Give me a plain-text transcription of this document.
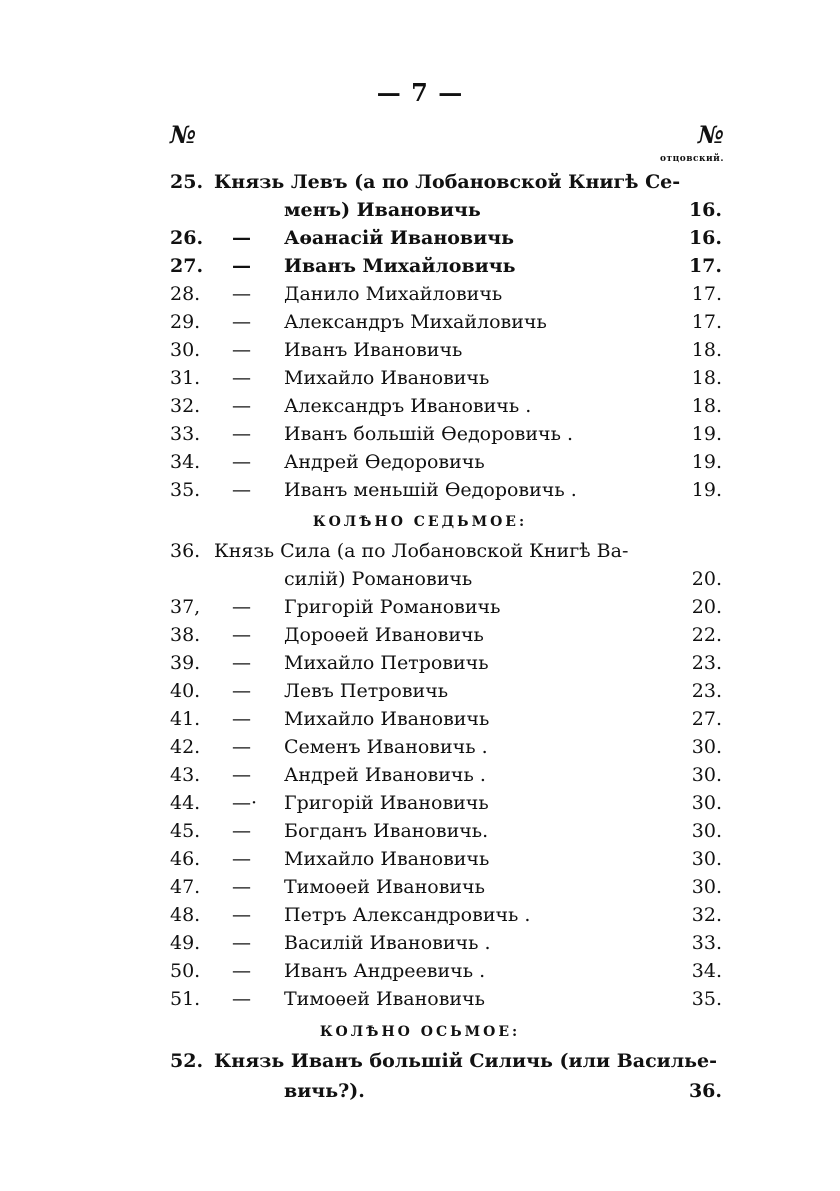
— 7 —
№	№
отцовский.
25. Князь Левъ (а по Лобановской Книгѣ Се-
менъ) Ивановичь	16.
26.	— Аѳанасій Ивановичь	16.
27.	— Иванъ Михайловичь	17.
28.	— Данило Михайловичь	17.
29.	— Александръ Михайловичь	17.
30.	— Иванъ Ивановичь	18.
31.	— Михайло Ивановичь	18.
32.	— Александръ Ивановичь .	18.
33.	— Иванъ большій Ѳедоровичь .	19.
34.	— Андрей Ѳедоровичь	19.
35.	— Иванъ меньшій Ѳедоровичь .	19.
КОЛѢНО СЕДЬМОЕ:
36. Князь Сила (а по Лобановской Книгѣ Ва-
силій) Романовичь	20.
37,	— Григорій Романовичь	20.
38.	— Дороѳей Ивановичь	22.
39.	— Михайло Петровичь	23.
40.	— Левъ Петровичь	23.
41.	— Михайло Ивановичь	27.
42.	— Семенъ Ивановичь .	30.
43.	— Андрей Ивановичь .	30.
44.	—· Григорій Ивановичь	30.
45.	— Богданъ Ивановичь.	30.
46.	— Михайло Ивановичь	30.
47.	— Тимоѳей Ивановичь	30.
48.	— Петръ Александровичь .	32.
49.	— Василій Ивановичь .	33.
50.	— Иванъ Андреевичь .	34.
51.	— Тимоѳей Ивановичь	35.
КОЛѢНО ОСЬМОЕ:
52. Князь Иванъ большій Силичь (или Василье-
вичь?).	36.
